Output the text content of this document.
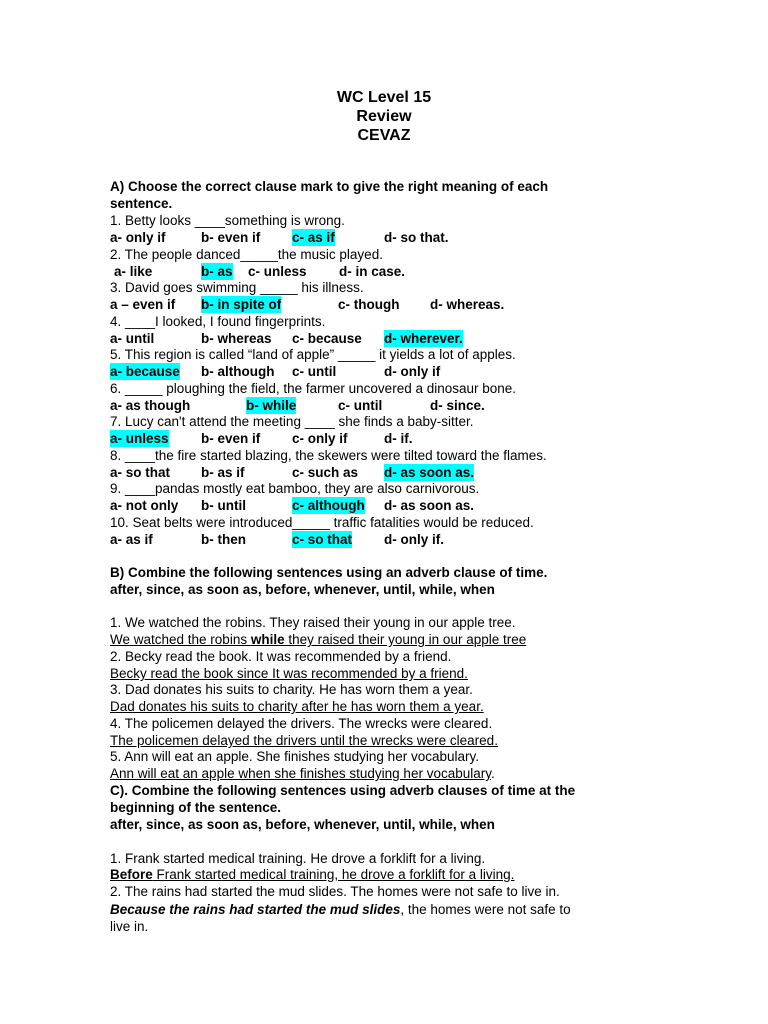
WC Level 15
Review
CEVAZ
A) Choose the correct clause mark to give the right meaning of each
sentence.
1. Betty looks ____something is wrong.
a- only if	b- even if c- as if	d- so that.
2. The people danced_____the music played.
a- like	b- as c- unless d- in case.
3. David goes swimming _____ his illness.
a – even if b- in spite of	c- though d- whereas.
4. ____I looked, I found fingerprints.
a- until	b- whereas c- because d- wherever.
5. This region is called “land of apple” _____ it yields a lot of apples.
a- because b- although c- until	d- only if
6. _____ ploughing the field, the farmer uncovered a dinosaur bone.
a- as though	b- while	c- until	d- since.
7. Lucy can't attend the meeting ____ she finds a baby-sitter.
a- unless b- even if c- only if	d- if.
8. ____the fire started blazing, the skewers were tilted toward the flames.
a- so that b- as if	c- such as d- as soon as.
9. ____pandas mostly eat bamboo, they are also carnivorous.
a- not only b- until	c- although d- as soon as.
10. Seat belts were introduced_____ traffic fatalities would be reduced.
a- as if	b- then	c- so that d- only if.
B) Combine the following sentences using an adverb clause of time.
after, since, as soon as, before, whenever, until, while, when
1. We watched the robins. They raised their young in our apple tree.
We watched the robins while they raised their young in our apple tree
2. Becky read the book. It was recommended by a friend.
Becky read the book since It was recommended by a friend.
3. Dad donates his suits to charity. He has worn them a year.
Dad donates his suits to charity after he has worn them a year.
4. The policemen delayed the drivers. The wrecks were cleared.
The policemen delayed the drivers until the wrecks were cleared.
5. Ann will eat an apple. She finishes studying her vocabulary.
Ann will eat an apple when she finishes studying her vocabulary.
C). Combine the following sentences using adverb clauses of time at the
beginning of the sentence.
after, since, as soon as, before, whenever, until, while, when
1. Frank started medical training. He drove a forklift for a living.
Before Frank started medical training, he drove a forklift for a living.
2. The rains had started the mud slides. The homes were not safe to live in.
Because the rains had started the mud slides, the homes were not safe to
live in.
